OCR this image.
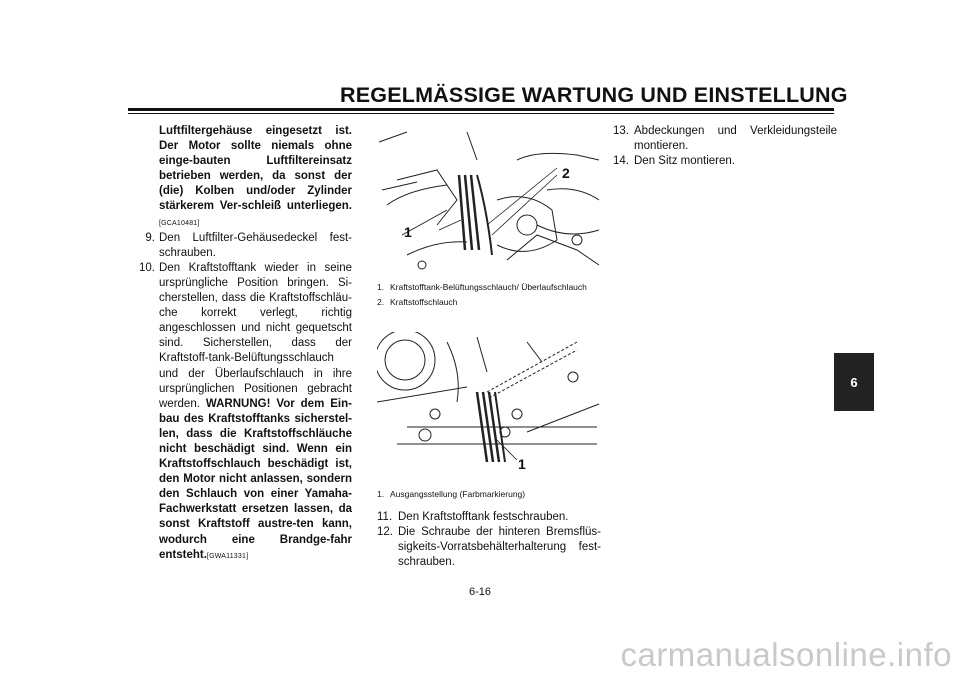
REGELMÄSSIGE WARTUNG UND EINSTELLUNG
6

Luftfiltergehäuse eingesetzt ist. Der Motor sollte niemals ohne einge-bauten Luftfiltereinsatz betrieben werden, da sonst der (die) Kolben und/oder Zylinder stärkerem Ver-schleiß unterliegen.[GCA10481]

9. Den Luftfilter-Gehäusedeckel fest-schrauben.
10. Den Kraftstofftank wieder in seine ursprüngliche Position bringen. Si-cherstellen, dass die Kraftstoffschläu-che korrekt verlegt, richtig angeschlossen und nicht gequetscht sind. Sicherstellen, dass der Kraftstoff-tank-Belüftungsschlauch und der Überlaufschlauch in ihre ursprünglichen Positionen gebracht werden. WARNUNG! Vor dem Ein-bau des Kraftstofftanks sicherstel-len, dass die Kraftstoffschläuche nicht beschädigt sind. Wenn ein Kraftstoffschlauch beschädigt ist, den Motor nicht anlassen, sondern den Schlauch von einer Yamaha-Fachwerkstatt ersetzen lassen, da sonst Kraftstoff austre-ten kann, wodurch eine Brandge-fahr entsteht.[GWA11331]
2
1
1. Kraftstofftank-Belüftungsschlauch/ Überlaufschlauch
2. Kraftstoffschlauch
1
1. Ausgangsstellung (Farbmarkierung)
11. Den Kraftstofftank festschrauben.
12. Die Schraube der hinteren Bremsflüs-sigkeits-Vorratsbehälterhalterung fest-schrauben.
13. Abdeckungen und Verkleidungsteile montieren.
14. Den Sitz montieren.
6-16
carmanualsonline.info
